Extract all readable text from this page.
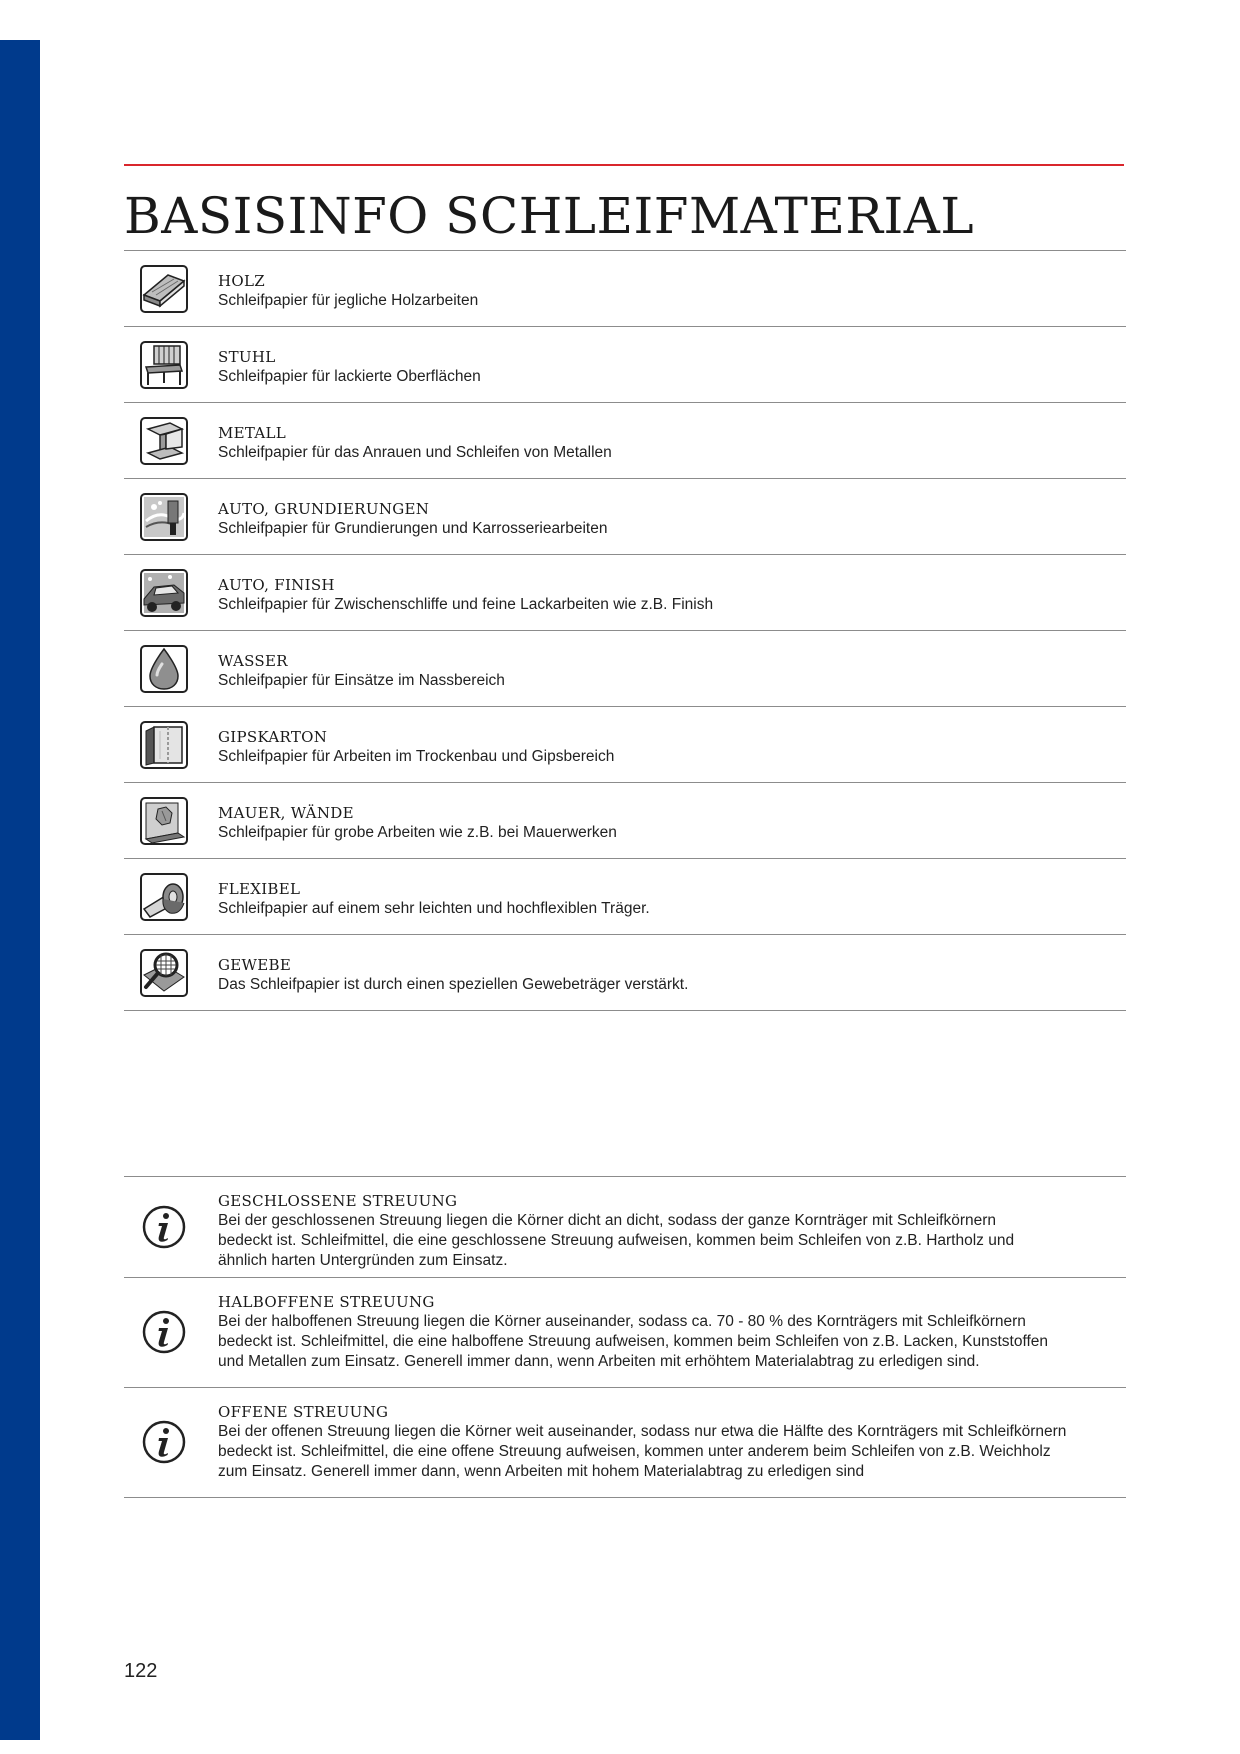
BASISINFO SCHLEIFMATERIAL
HOLZ
Schleifpapier für jegliche Holzarbeiten
STUHL
Schleifpapier für lackierte Oberflächen
METALL
Schleifpapier für das Anrauen und Schleifen von Metallen
AUTO, GRUNDIERUNGEN
Schleifpapier für Grundierungen und Karrosseriearbeiten
AUTO, FINISH
Schleifpapier für Zwischenschliffe und feine Lackarbeiten wie z.B. Finish
WASSER
Schleifpapier für Einsätze im Nassbereich
GIPSKARTON
Schleifpapier für Arbeiten im Trockenbau und Gipsbereich
MAUER, WÄNDE
Schleifpapier für grobe Arbeiten wie z.B. bei Mauerwerken
FLEXIBEL
Schleifpapier auf einem sehr leichten und hochflexiblen Träger.
GEWEBE
Das Schleifpapier ist durch einen speziellen Gewebeträger verstärkt.
GESCHLOSSENE STREUUNG
Bei der geschlossenen Streuung liegen die Körner dicht an dicht, sodass der ganze Kornträger mit Schleifkörnern
bedeckt ist. Schleifmittel, die eine geschlossene Streuung aufweisen, kommen beim Schleifen von z.B. Hartholz und
ähnlich harten Untergründen zum Einsatz.
HALBOFFENE STREUUNG
Bei der halboffenen Streuung liegen die Körner auseinander, sodass ca. 70 - 80 % des Kornträgers mit Schleifkörnern
bedeckt ist. Schleifmittel, die eine halboffene Streuung aufweisen, kommen beim Schleifen von z.B. Lacken, Kunststoffen
und Metallen zum Einsatz. Generell immer dann, wenn Arbeiten mit erhöhtem Materialabtrag zu erledigen sind.
OFFENE STREUUNG
Bei der offenen Streuung liegen die Körner weit auseinander, sodass nur etwa die Hälfte des Kornträgers mit Schleifkörnern
bedeckt ist. Schleifmittel, die eine offene Streuung aufweisen, kommen unter anderem beim Schleifen von z.B. Weichholz
zum Einsatz. Generell immer dann, wenn Arbeiten mit hohem Materialabtrag zu erledigen sind
122
